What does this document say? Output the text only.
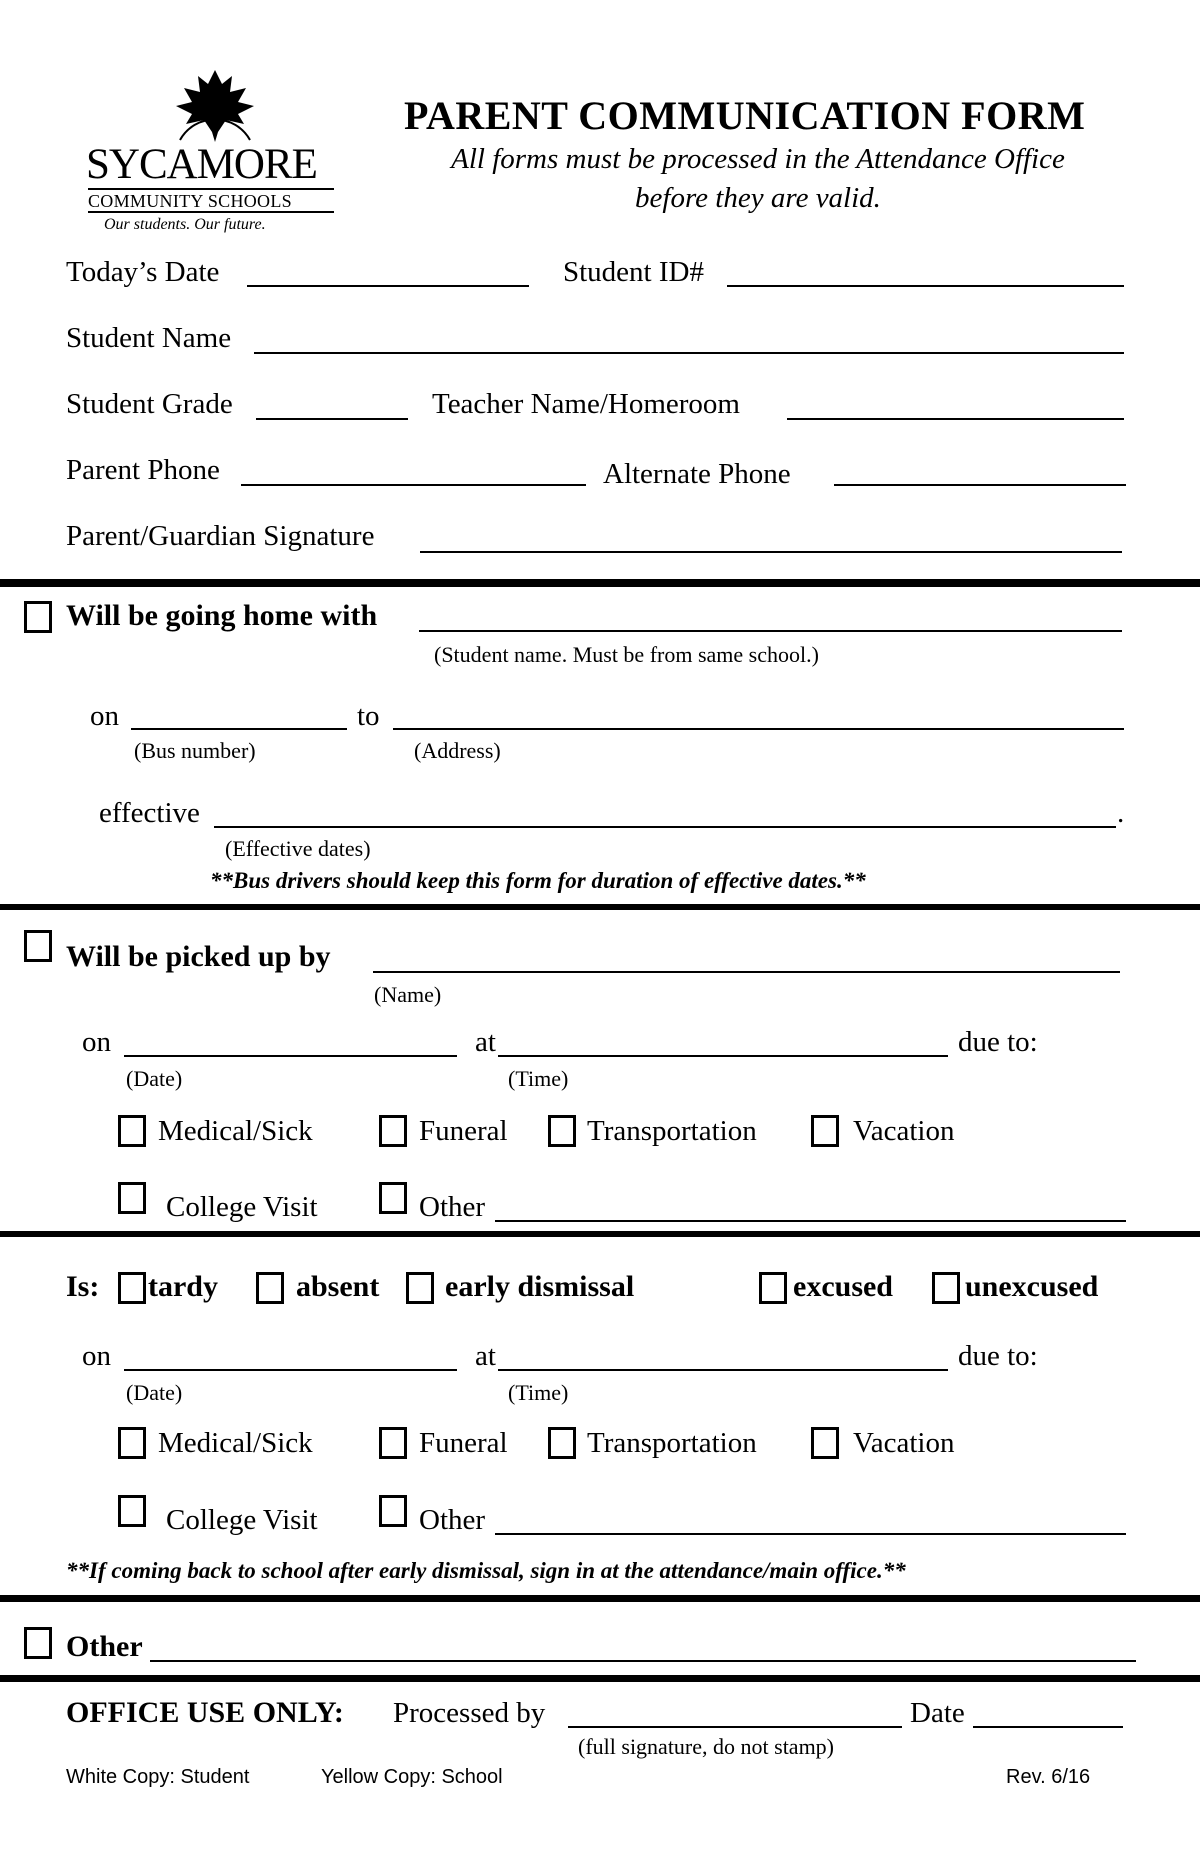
SYCAMORE
COMMUNITY SCHOOLS
Our students. Our future.
PARENT COMMUNICATION FORM
All forms must be processed in the Attendance Office
before they are valid.
Today’s Date	Student ID#
Student Name
Student Grade	Teacher Name/Homeroom
Parent Phone	Alternate Phone
Parent/Guardian Signature
Will be going home with
(Student name. Must be from same school.)
on	to
(Bus number)	(Address)
effective	.
(Effective dates)
**Bus drivers should keep this form for duration of effective dates.**
Will be picked up by
(Name)
on	at	due to:
(Date)	(Time)
Medical/Sick	Funeral	Transportation	Vacation
College Visit	Other
Is: tardy	absent early dismissal	excused unexcused
on	at	due to:
(Date)	(Time)
Medical/Sick	Funeral	Transportation	Vacation
College Visit	Other
**If coming back to school after early dismissal, sign in at the attendance/main office.**
Other
OFFICE USE ONLY: Processed by	Date
(full signature, do not stamp)
White Copy: Student	Yellow Copy: School	Rev. 6/16
